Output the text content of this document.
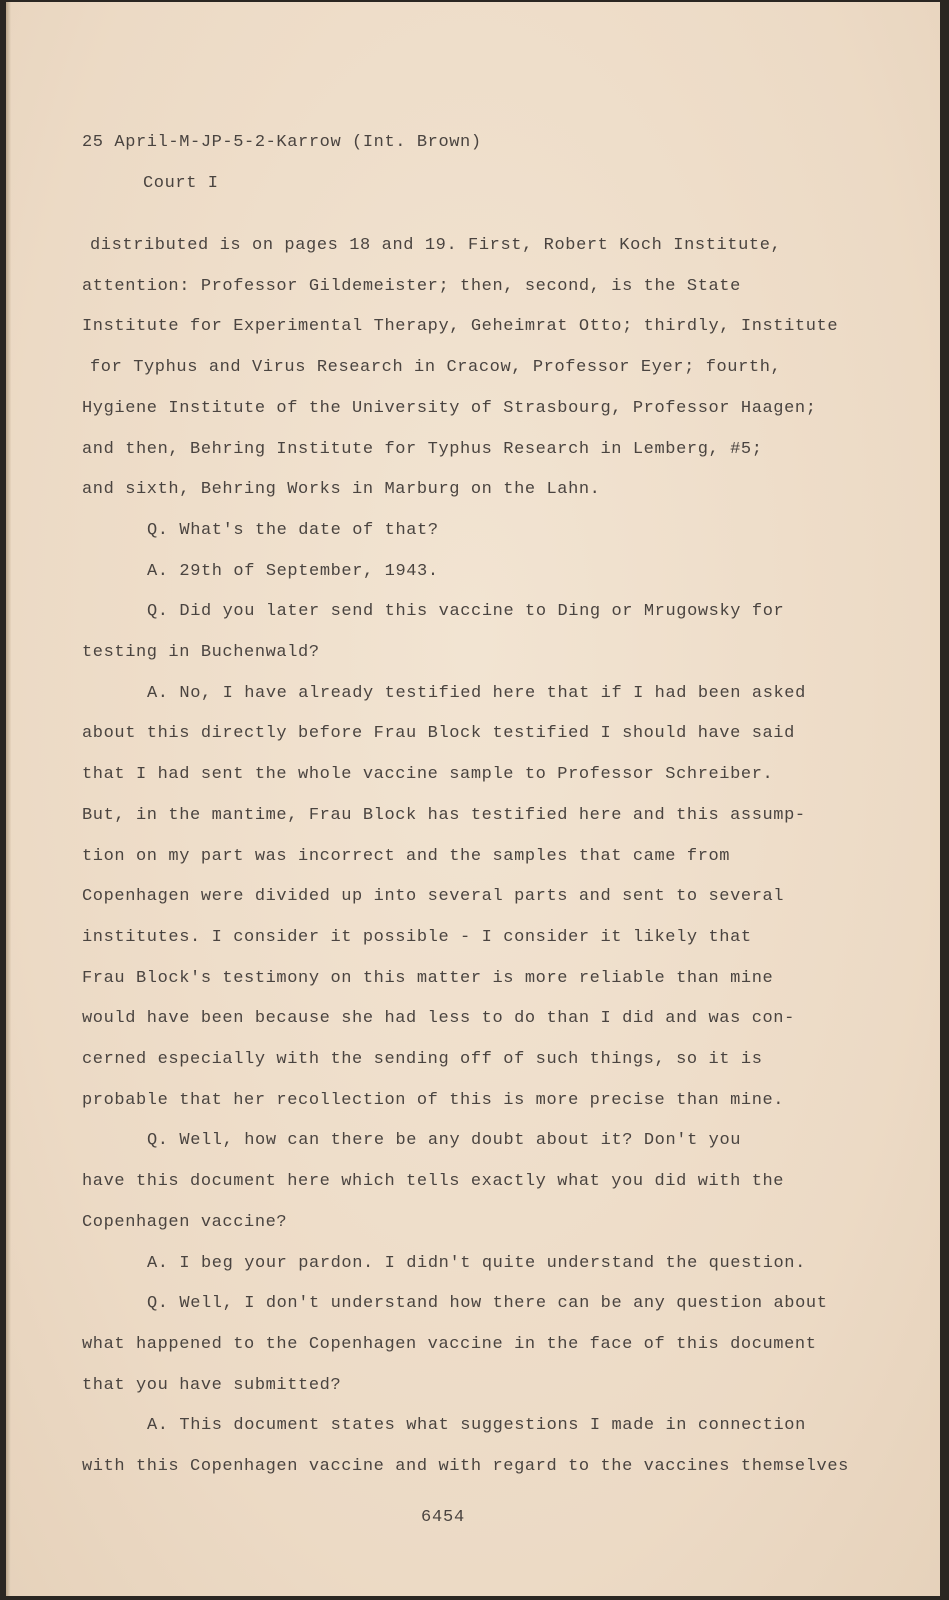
25 April-M-JP-5-2-Karrow (Int. Brown)
Court I
distributed is on pages 18 and 19. First, Robert Koch Institute,
attention: Professor Gildemeister; then, second, is the State
Institute for Experimental Therapy, Geheimrat Otto; thirdly, Institute
for Typhus and Virus Research in Cracow, Professor Eyer; fourth,
Hygiene Institute of the University of Strasbourg, Professor Haagen;
and then, Behring Institute for Typhus Research in Lemberg, #5;
and sixth, Behring Works in Marburg on the Lahn.
Q. What's the date of that?
A. 29th of September, 1943.
Q. Did you later send this vaccine to Ding or Mrugowsky for
testing in Buchenwald?
A. No, I have already testified here that if I had been asked
about this directly before Frau Block testified I should have said
that I had sent the whole vaccine sample to Professor Schreiber.
But, in the mantime, Frau Block has testified here and this assump-
tion on my part was incorrect and the samples that came from
Copenhagen were divided up into several parts and sent to several
institutes. I consider it possible - I consider it likely that
Frau Block's testimony on this matter is more reliable than mine
would have been because she had less to do than I did and was con-
cerned especially with the sending off of such things, so it is
probable that her recollection of this is more precise than mine.
Q. Well, how can there be any doubt about it? Don't you
have this document here which tells exactly what you did with the
Copenhagen vaccine?
A. I beg your pardon. I didn't quite understand the question.
Q. Well, I don't understand how there can be any question about
what happened to the Copenhagen vaccine in the face of this document
that you have submitted?
A. This document states what suggestions I made in connection
with this Copenhagen vaccine and with regard to the vaccines themselves
6454
